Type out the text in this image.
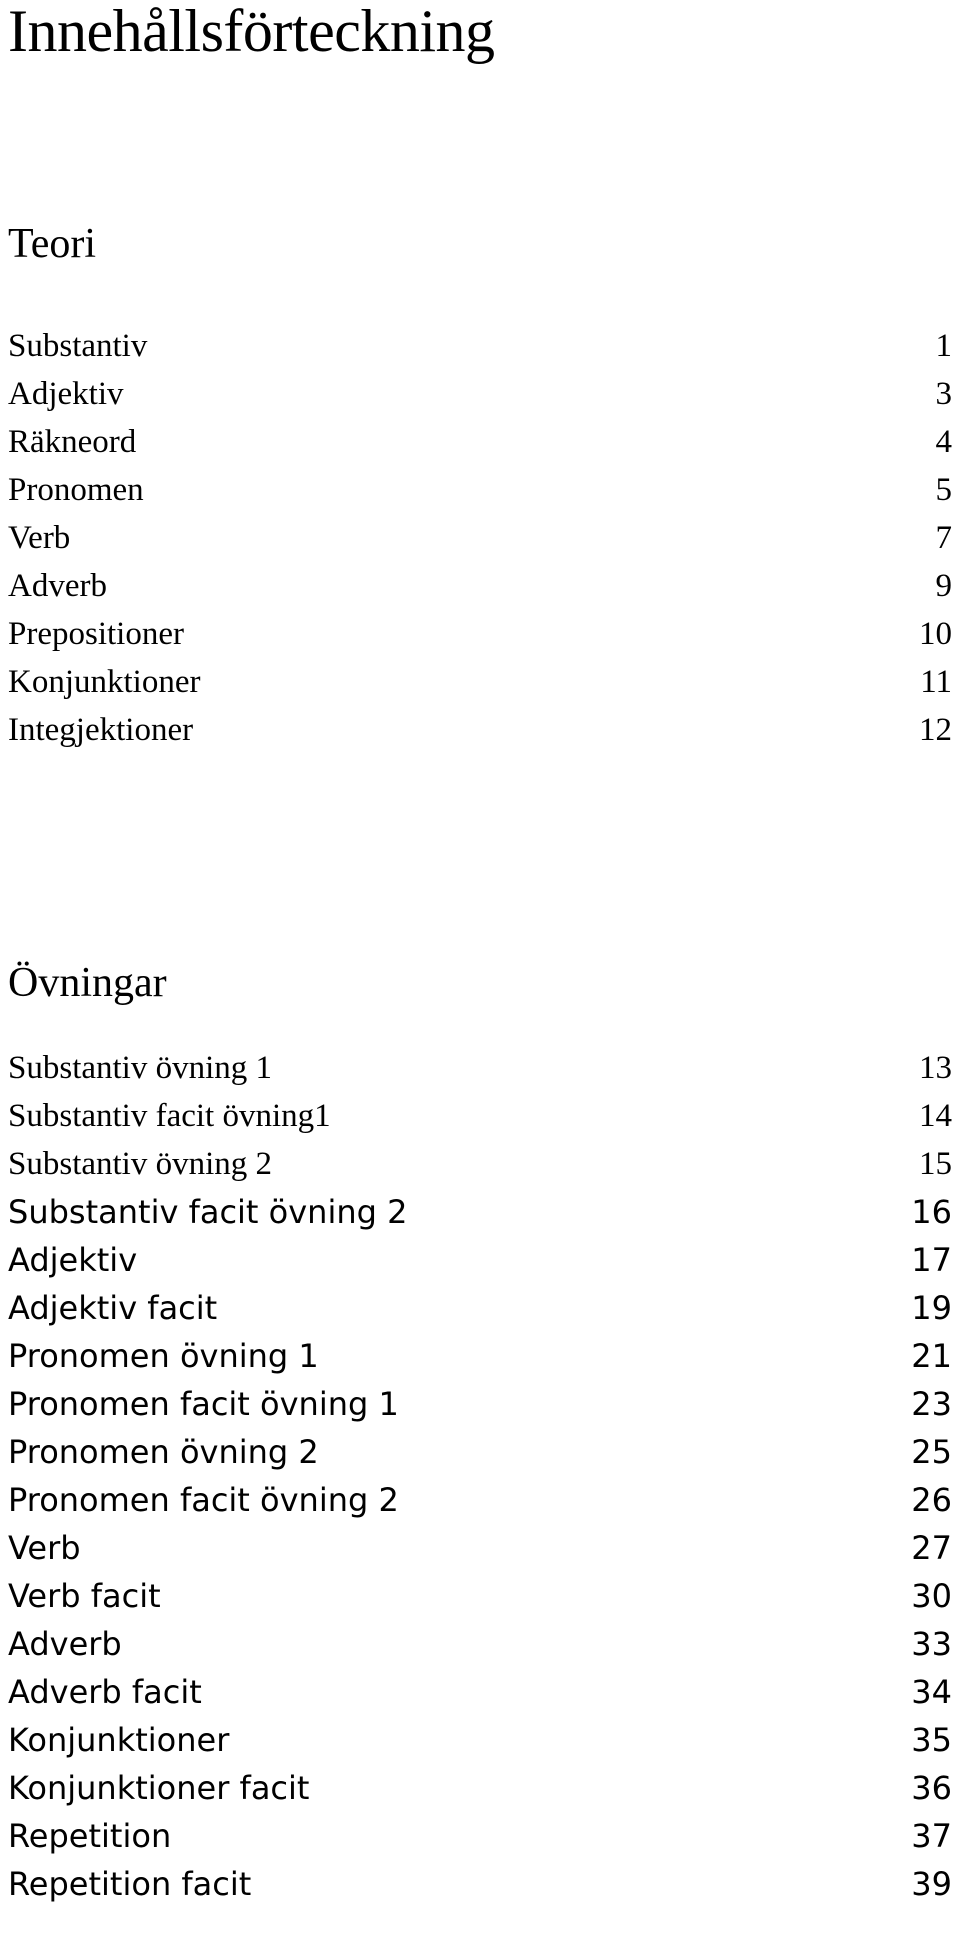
Innehållsförteckning
Teori
Substantiv	1
Adjektiv	3
Räkneord	4
Pronomen	5
Verb	7
Adverb	9
Prepositioner	10
Konjunktioner	11
Integjektioner	12
Övningar
Substantiv övning 1	13
Substantiv facit övning1	14
Substantiv övning 2	15
Substantiv facit övning 2	16
Adjektiv	17
Adjektiv facit	19
Pronomen övning 1	21
Pronomen facit övning 1	23
Pronomen övning 2	25
Pronomen facit övning 2	26
Verb	27
Verb facit	30
Adverb	33
Adverb facit	34
Konjunktioner	35
Konjunktioner facit	36
Repetition	37
Repetition facit	39
